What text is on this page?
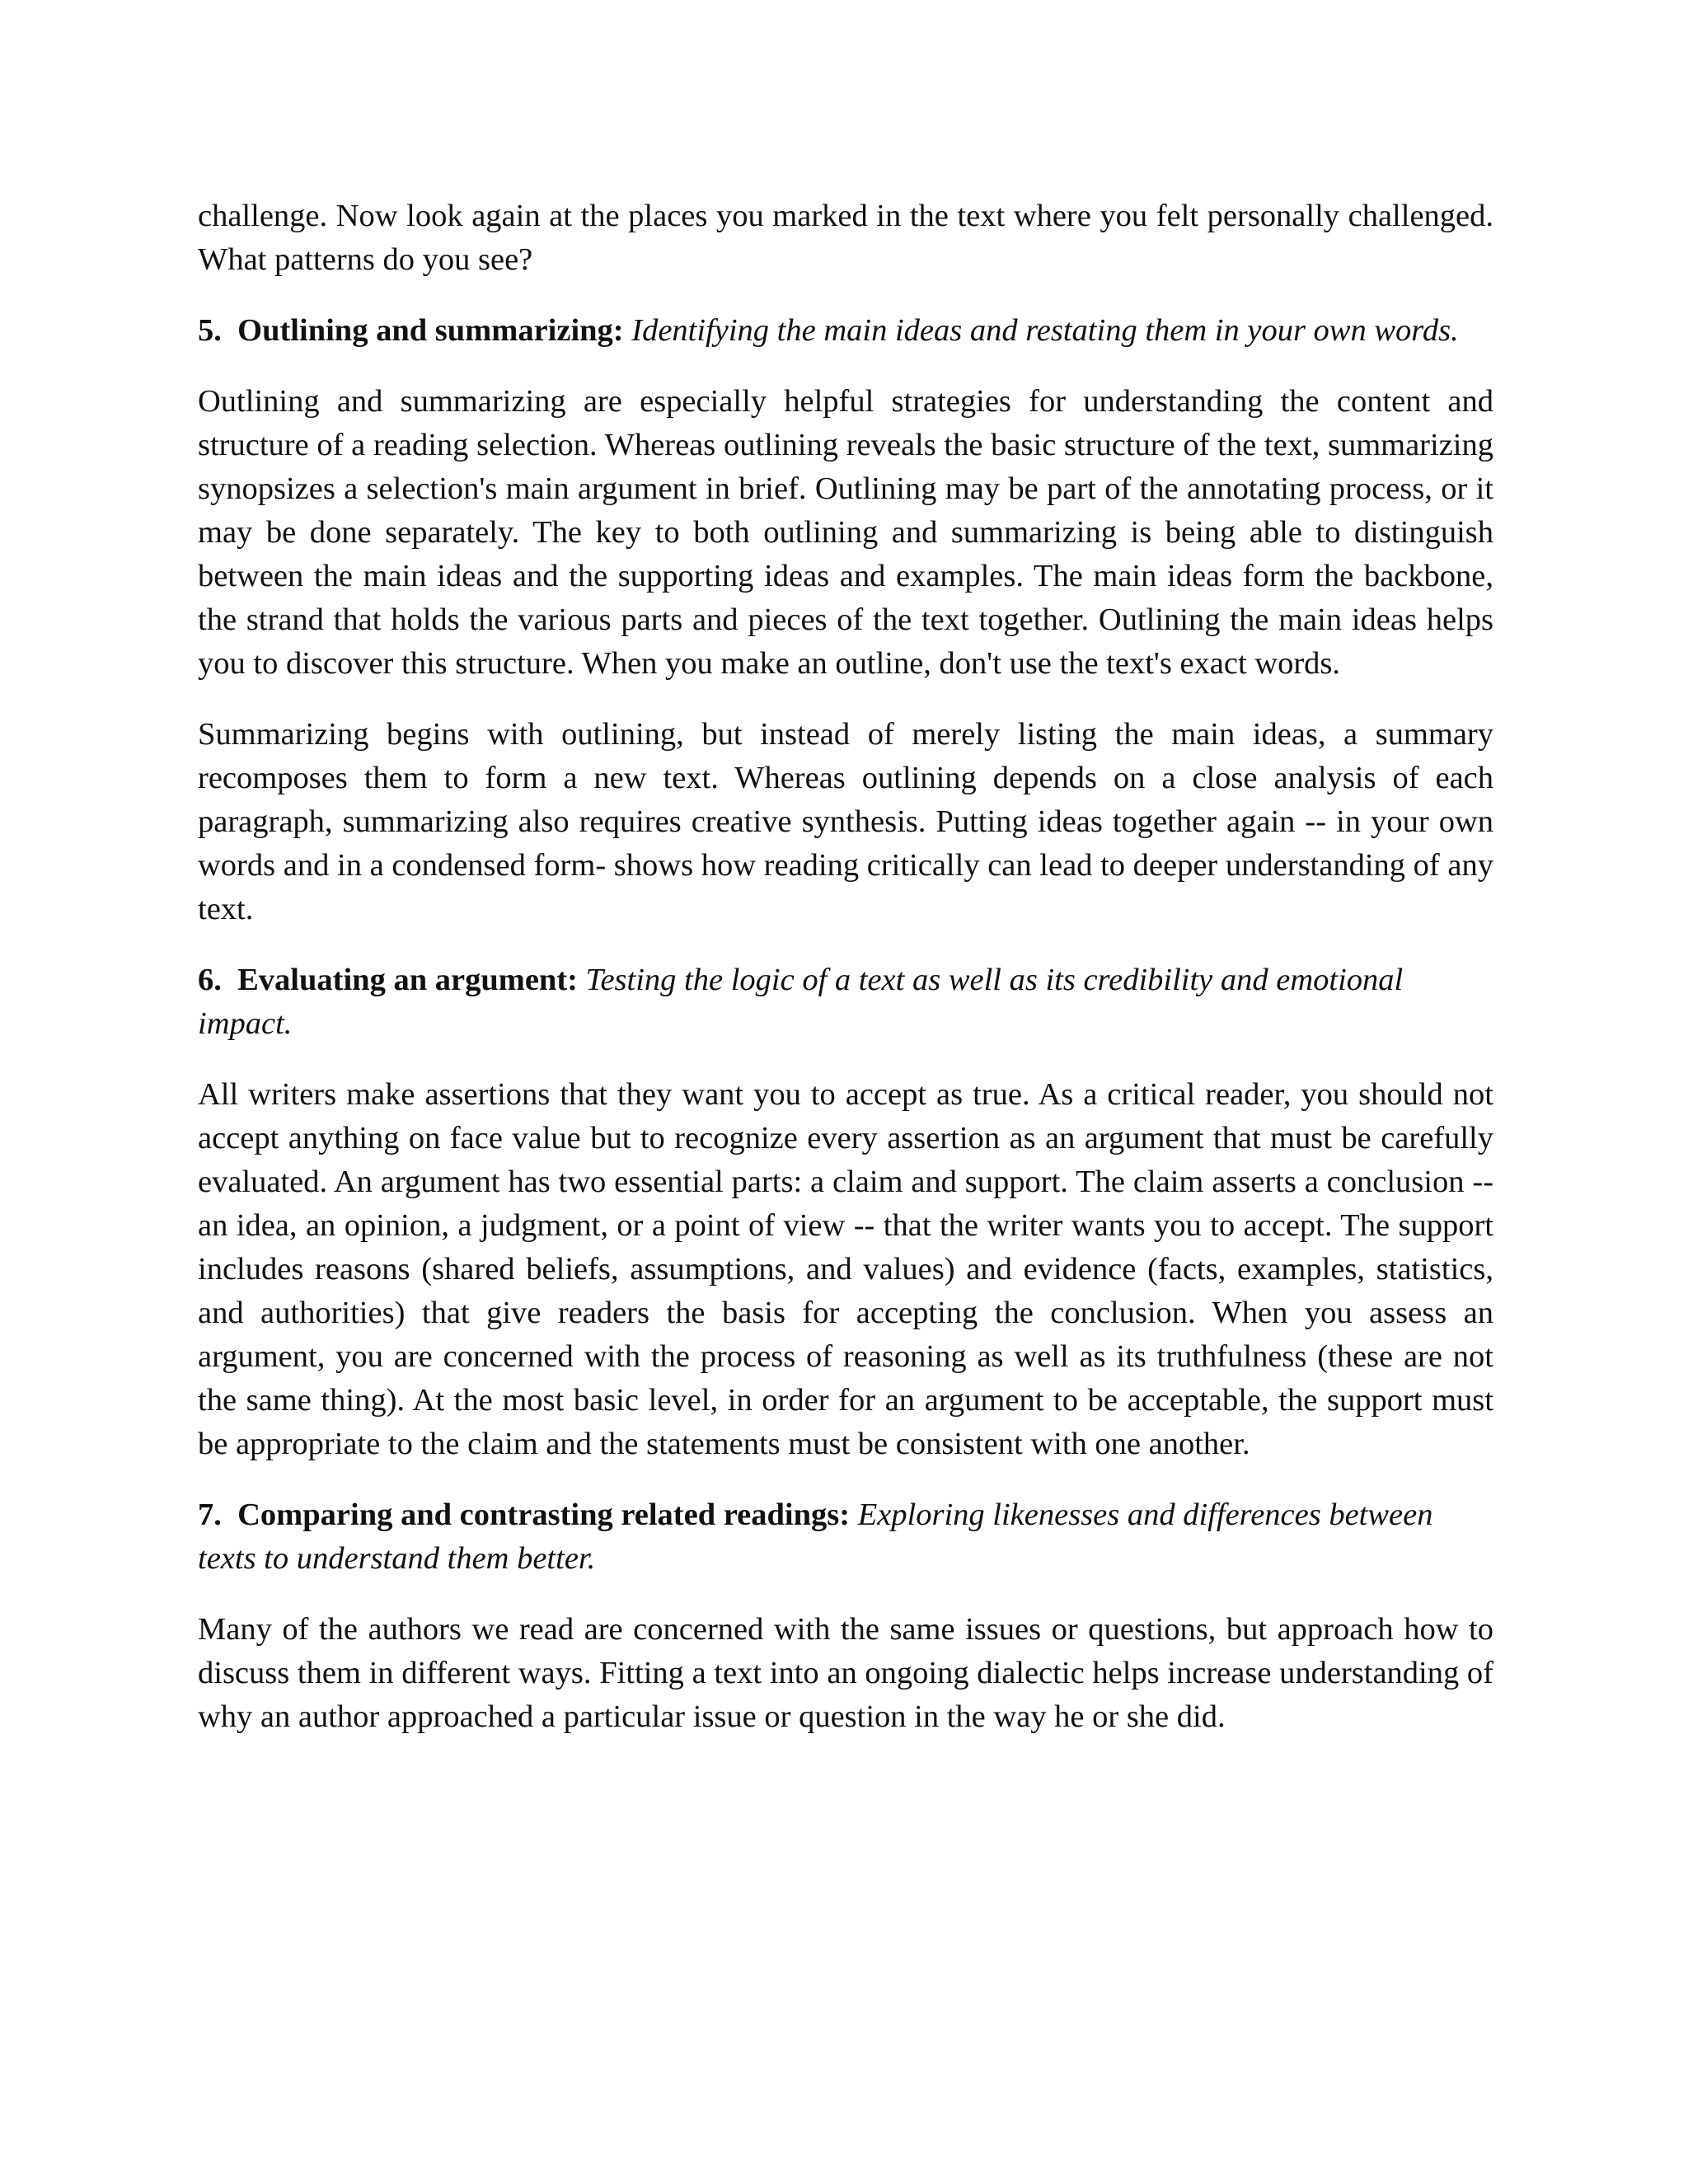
challenge. Now look again at the places you marked in the text where you felt personally challenged. What patterns do you see?

5. Outlining and summarizing: Identifying the main ideas and restating them in your own words.

Outlining and summarizing are especially helpful strategies for understanding the content and structure of a reading selection. Whereas outlining reveals the basic structure of the text, summarizing synopsizes a selection's main argument in brief. Outlining may be part of the annotating process, or it may be done separately. The key to both outlining and summarizing is being able to distinguish between the main ideas and the supporting ideas and examples. The main ideas form the backbone, the strand that holds the various parts and pieces of the text together. Outlining the main ideas helps you to discover this structure. When you make an outline, don't use the text's exact words.

Summarizing begins with outlining, but instead of merely listing the main ideas, a summary recomposes them to form a new text. Whereas outlining depends on a close analysis of each paragraph, summarizing also requires creative synthesis. Putting ideas together again -- in your own words and in a condensed form- shows how reading critically can lead to deeper understanding of any text.

6. Evaluating an argument: Testing the logic of a text as well as its credibility and emotional impact.

All writers make assertions that they want you to accept as true. As a critical reader, you should not accept anything on face value but to recognize every assertion as an argument that must be carefully evaluated. An argument has two essential parts: a claim and support. The claim asserts a conclusion -- an idea, an opinion, a judgment, or a point of view -- that the writer wants you to accept. The support includes reasons (shared beliefs, assumptions, and values) and evidence (facts, examples, statistics, and authorities) that give readers the basis for accepting the conclusion. When you assess an argument, you are concerned with the process of reasoning as well as its truthfulness (these are not the same thing). At the most basic level, in order for an argument to be acceptable, the support must be appropriate to the claim and the statements must be consistent with one another.

7. Comparing and contrasting related readings: Exploring likenesses and differences between texts to understand them better.

Many of the authors we read are concerned with the same issues or questions, but approach how to discuss them in different ways. Fitting a text into an ongoing dialectic helps increase understanding of why an author approached a particular issue or question in the way he or she did.
